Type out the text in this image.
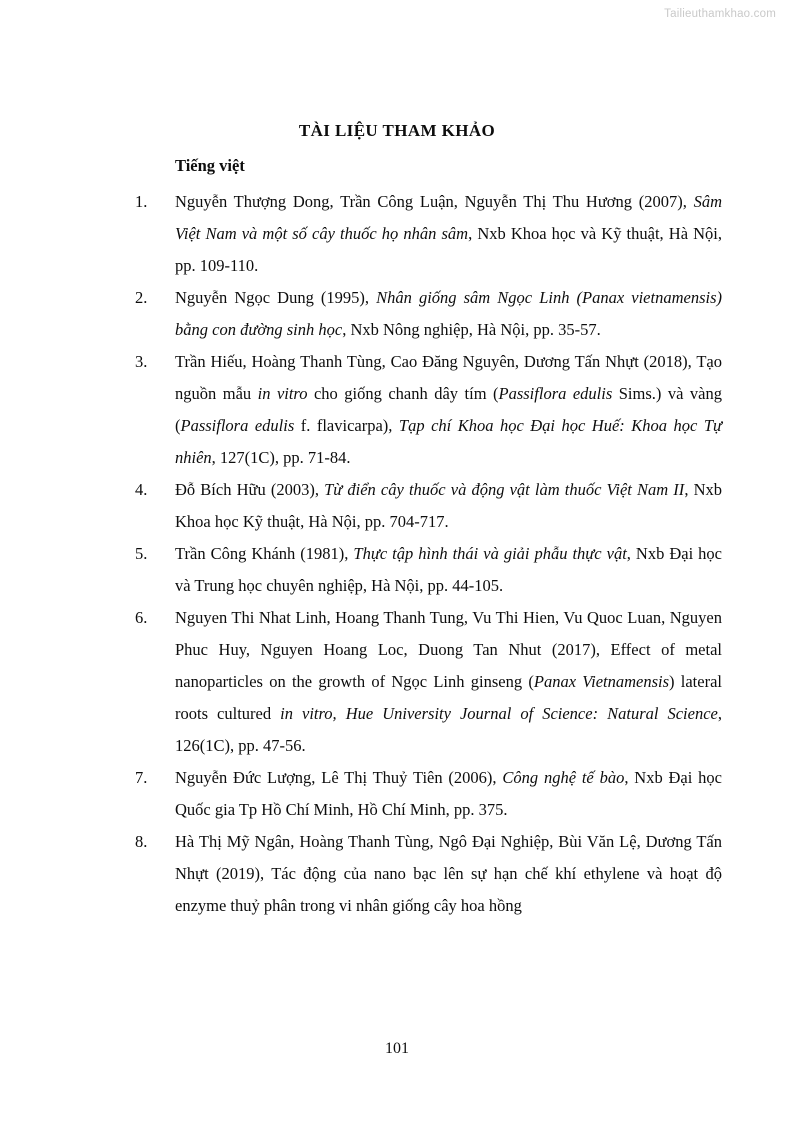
Tailieuthamkhao.com
TÀI LIỆU THAM KHẢO
Tiếng việt
1.	Nguyễn Thượng Dong, Trần Công Luận, Nguyễn Thị Thu Hương (2007), Sâm Việt Nam và một số cây thuốc họ nhân sâm, Nxb Khoa học và Kỹ thuật, Hà Nội, pp. 109-110.
2.	Nguyễn Ngọc Dung (1995), Nhân giống sâm Ngọc Linh (Panax vietnamensis) bằng con đường sinh học, Nxb Nông nghiệp, Hà Nội, pp. 35-57.
3.	Trần Hiếu, Hoàng Thanh Tùng, Cao Đăng Nguyên, Dương Tấn Nhựt (2018), Tạo nguồn mẫu in vitro cho giống chanh dây tím (Passiflora edulis Sims.) và vàng (Passiflora edulis f. flavicarpa), Tạp chí Khoa học Đại học Huế: Khoa học Tự nhiên, 127(1C), pp. 71-84.
4.	Đỗ Bích Hữu (2003), Từ điển cây thuốc và động vật làm thuốc Việt Nam II, Nxb Khoa học Kỹ thuật, Hà Nội, pp. 704-717.
5.	Trần Công Khánh (1981), Thực tập hình thái và giải phẫu thực vật, Nxb Đại học và Trung học chuyên nghiệp, Hà Nội, pp. 44-105.
6.	Nguyen Thi Nhat Linh, Hoang Thanh Tung, Vu Thi Hien, Vu Quoc Luan, Nguyen Phuc Huy, Nguyen Hoang Loc, Duong Tan Nhut (2017), Effect of metal nanoparticles on the growth of Ngọc Linh ginseng (Panax Vietnamensis) lateral roots cultured in vitro, Hue University Journal of Science: Natural Science, 126(1C), pp. 47-56.
7.	Nguyễn Đức Lượng, Lê Thị Thuỷ Tiên (2006), Công nghệ tế bào, Nxb Đại học Quốc gia Tp Hồ Chí Minh, Hồ Chí Minh, pp. 375.
8.	Hà Thị Mỹ Ngân, Hoàng Thanh Tùng, Ngô Đại Nghiệp, Bùi Văn Lệ, Dương Tấn Nhựt (2019), Tác động của nano bạc lên sự hạn chế khí ethylene và hoạt độ enzyme thuỷ phân trong vi nhân giống cây hoa hồng
101
